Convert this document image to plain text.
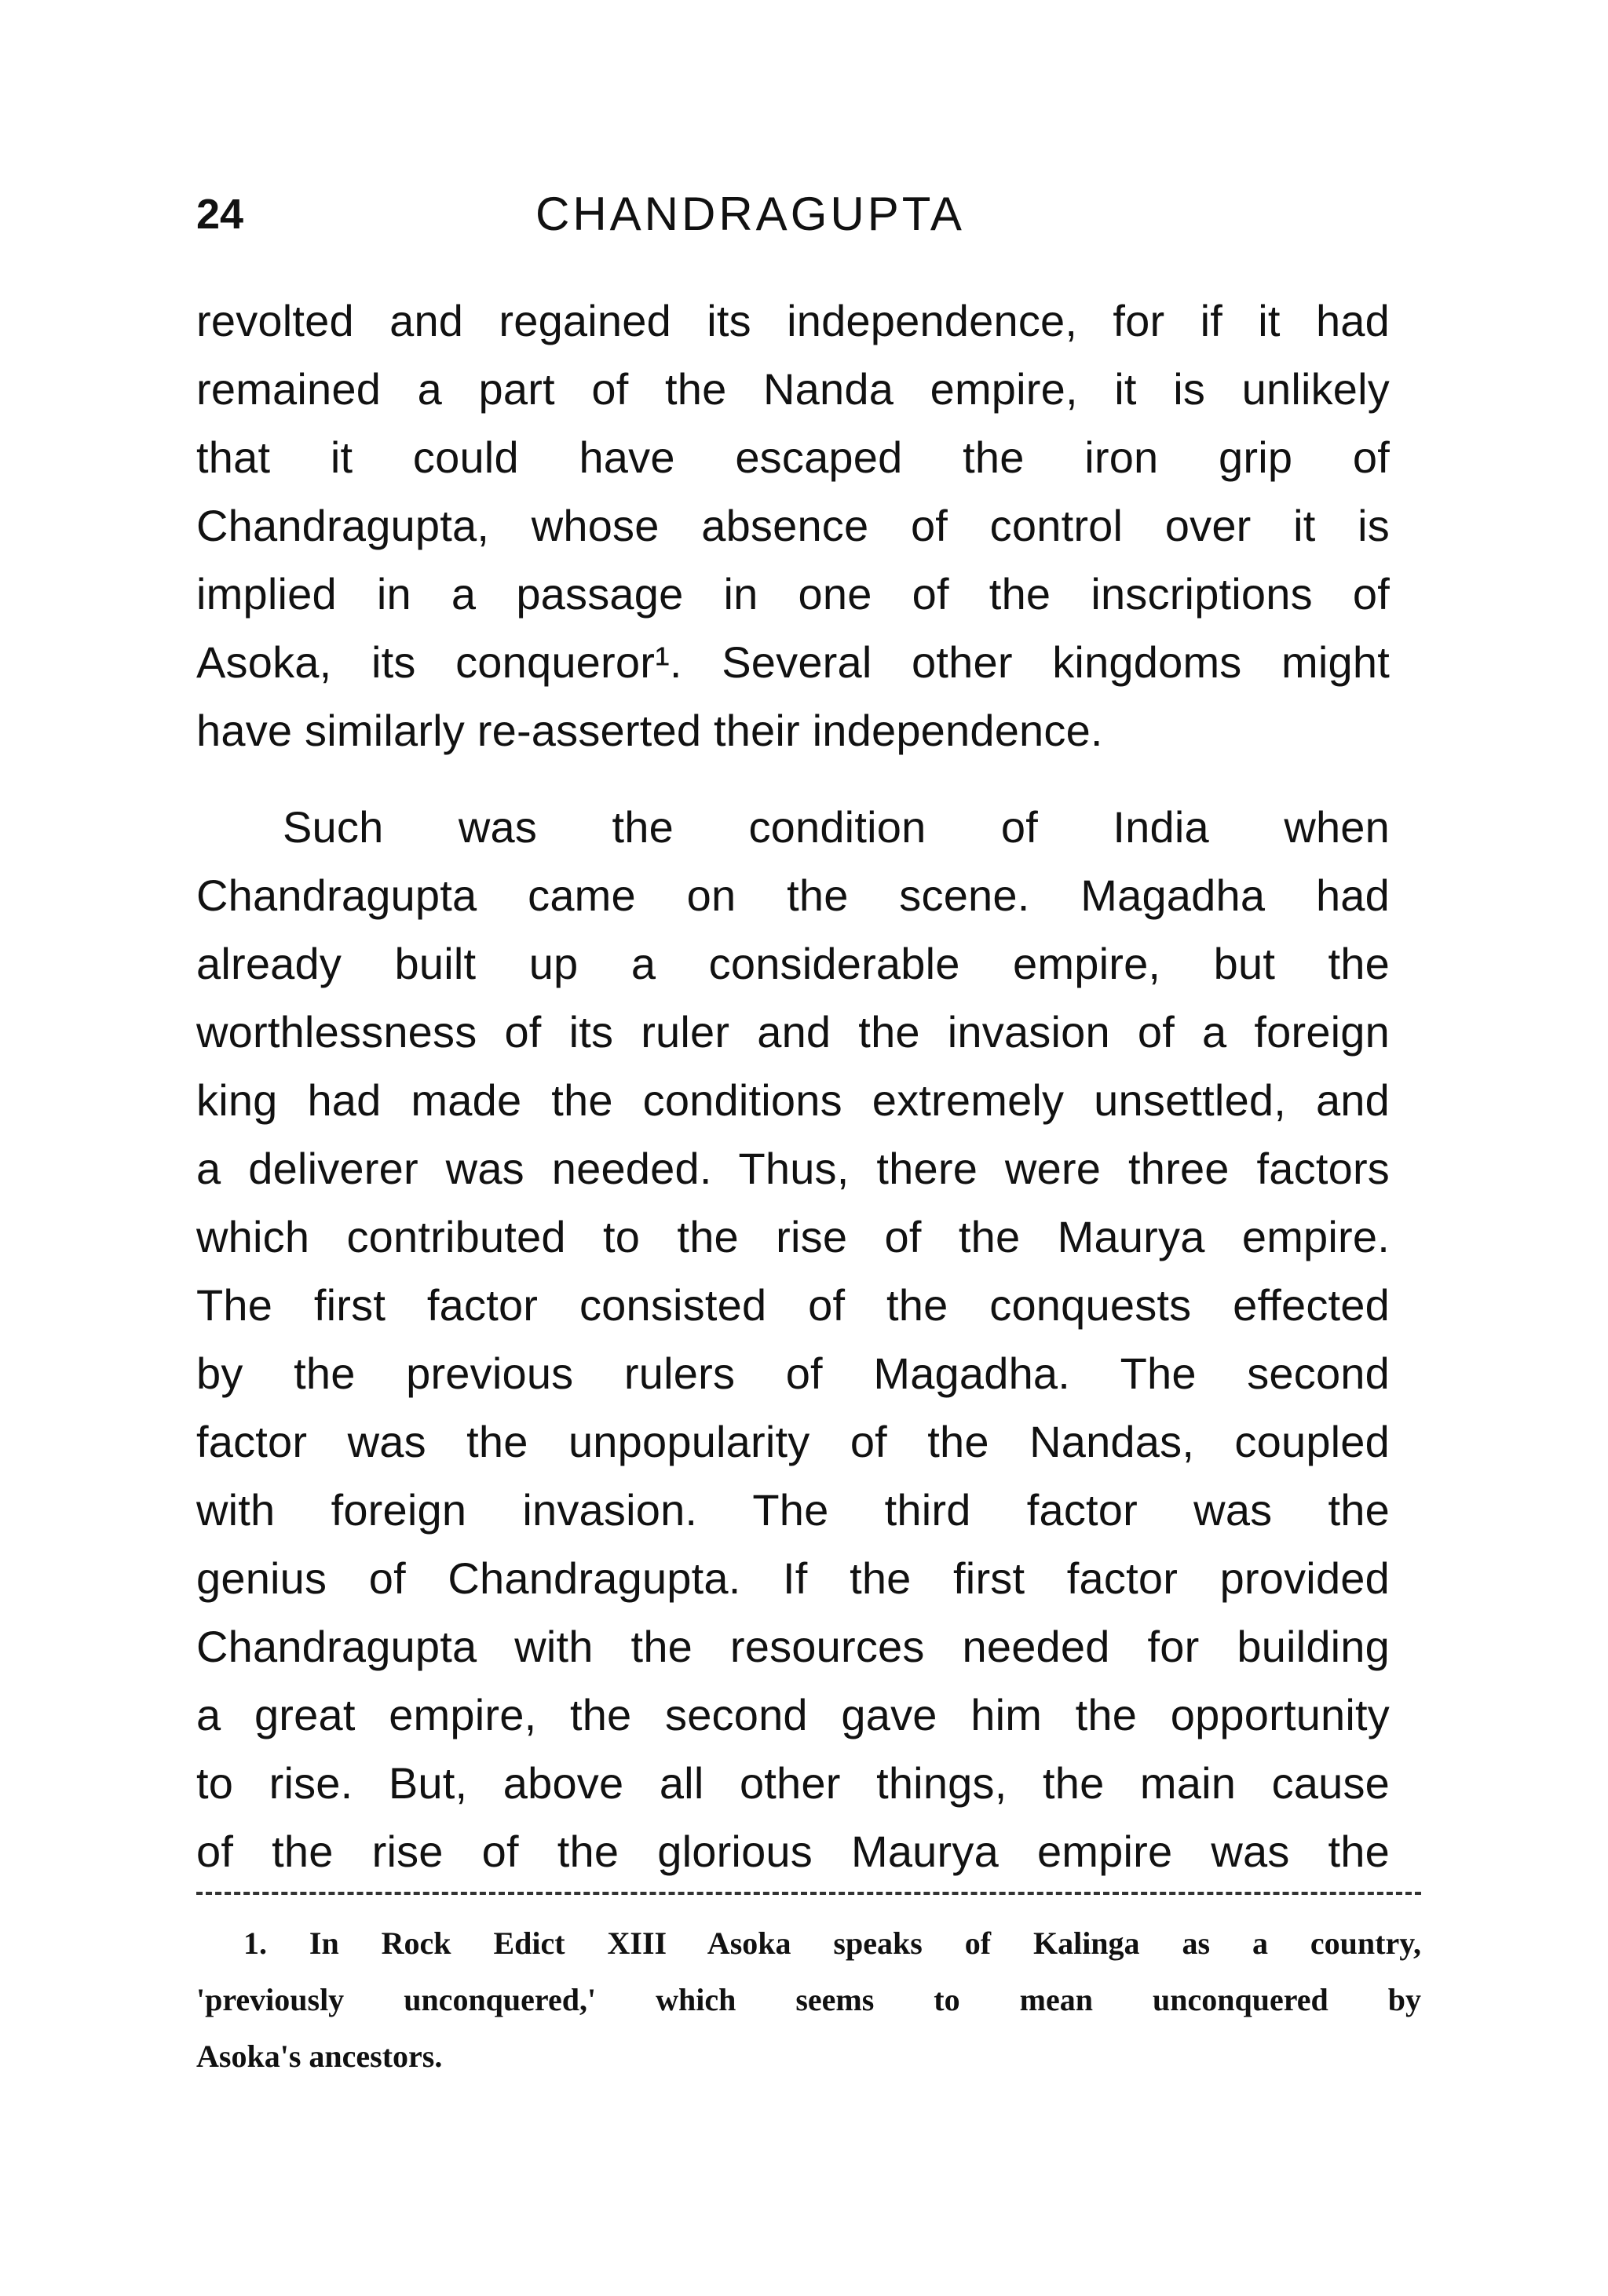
24	CHANDRAGUPTA
revolted and regained its independence, for if it had
remained a part of the Nanda empire, it is unlikely
that it could have escaped the iron grip of
Chandragupta, whose absence of control over it is
implied in a passage in one of the inscriptions of
Asoka, its conqueror¹. Several other kingdoms might
have similarly re-asserted their independence.
Such was the condition of India when
Chandragupta came on the scene. Magadha had
already built up a considerable empire, but the
worthlessness of its ruler and the invasion of a foreign
king had made the conditions extremely unsettled, and
a deliverer was needed. Thus, there were three factors
which contributed to the rise of the Maurya empire.
The first factor consisted of the conquests effected
by the previous rulers of Magadha. The second
factor was the unpopularity of the Nandas, coupled
with foreign invasion. The third factor was the
genius of Chandragupta. If the first factor provided
Chandragupta with the resources needed for building
a great empire, the second gave him the opportunity
to rise. But, above all other things, the main cause
of the rise of the glorious Maurya empire was the
1. In Rock Edict XIII Asoka speaks of Kalinga as a country,
'previously unconquered,' which seems to mean unconquered by
Asoka's ancestors.
